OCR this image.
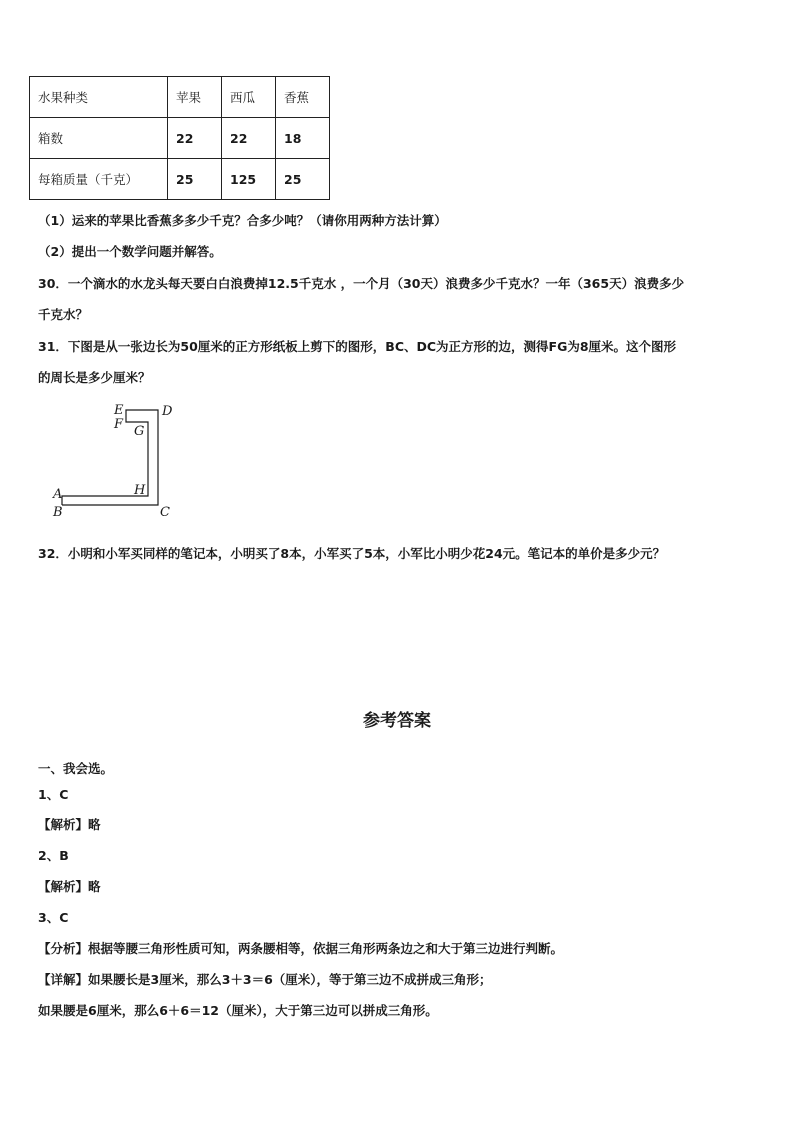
水果种类	苹果	西瓜	香蕉
箱数	22	22	18
每箱质量（千克）	25	125	25
（1）运来的苹果比香蕉多多少千克？合多少吨？（请你用两种方法计算）
（2）提出一个数学问题并解答。
30．一个滴水的水龙头每天要白白浪费掉12.5千克水 ，一个月（30天）浪费多少千克水？一年（365天）浪费多少
千克水？
31．下图是从一张边长为50厘米的正方形纸板上剪下的图形，BC、DC为正方形的边，测得FG为8厘米。这个图形
的周长是多少厘米？
A
B	C
D
E
F G
H
32．小明和小军买同样的笔记本，小明买了8本，小军买了5本，小军比小明少花24元。笔记本的单价是多少元？
参考答案
一、我会选。
1、C
【解析】略
2、B
【解析】略
3、C
【分析】根据等腰三角形性质可知，两条腰相等，依据三角形两条边之和大于第三边进行判断。
【详解】如果腰长是3厘米，那么3＋3＝6（厘米），等于第三边不成拼成三角形；
如果腰是6厘米，那么6＋6＝12（厘米），大于第三边可以拼成三角形。
